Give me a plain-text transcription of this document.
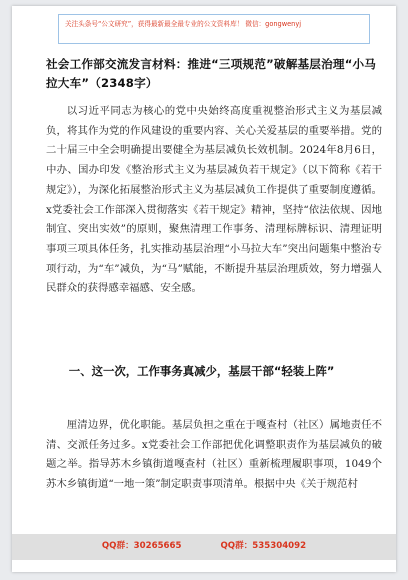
关注头条号“公文研究”，获得最新最全最专业的公文资料库！ 微信：gongwenyj
社会工作部交流发言材料：推进“三项规范”破解基层治理“小马拉大车”（2348字）
以习近平同志为核心的党中央始终高度重视整治形式主义为基层减负，将其作为党的作风建设的重要内容、关心关爱基层的重要举措。党的二十届三中全会明确提出要健全为基层减负长效机制。2024年8月6日，中办、国办印发《整治形式主义为基层减负若干规定》（以下简称《若干规定》），为深化拓展整治形式主义为基层减负工作提供了重要制度遵循。x党委社会工作部深入贯彻落实《若干规定》精神，坚持“依法依规、因地制宜、突出实效”的原则，聚焦清理工作事务、清理标牌标识、清理证明事项三项具体任务，扎实推动基层治理“小马拉大车”突出问题集中整治专项行动，为“车”减负，为“马”赋能，不断提升基层治理质效，努力增强人民群众的获得感幸福感、安全感。
一、这一次，工作事务真减少，基层干部“轻装上阵”
厘清边界，优化职能。基层负担之重在于嘎查村（社区）属地责任不清、交派任务过多。x党委社会工作部把优化调整职责作为基层减负的破题之举。指导苏木乡镇街道嘎查村（社区）重新梳理履职事项，1049个苏木乡镇街道“一地一策”制定职责事项清单。根据中央《关于规范村
QQ群：30265665	QQ群：535304092
